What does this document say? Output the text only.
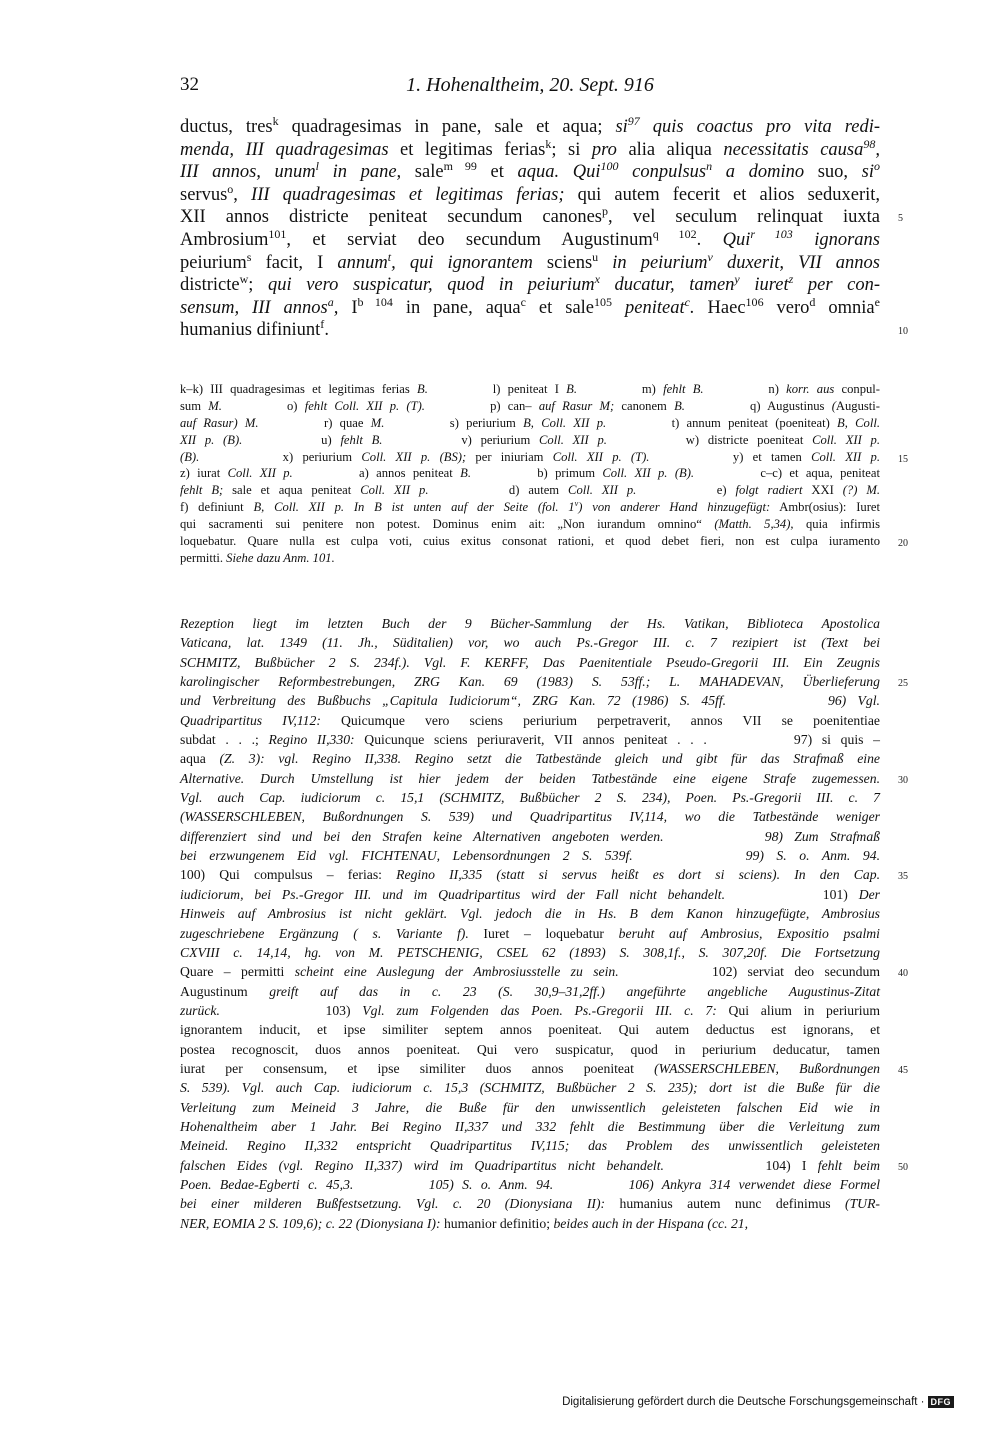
32	1. Hohenaltheim, 20. Sept. 916
ductus, tres$^k$ quadragesimas in pane, sale et aqua; $si^{97}$ quis coactus pro vita redi-
menda, III quadragesimas et legitimas ferias$^k$; si pro alia aliqua necessitatis causa$^{98}$,
III annos, unum$^l$ in pane, sale$^{m 99}$ et aqua. Qui$^{100}$ conpulsus$^n$ a domino suo, $si^o$
servus$^o$, III quadragesimas et legitimas ferias; qui autem fecerit et alios seduxerit,
XII annos districte peniteat secundum canones$^p$, vel seculum relinquat iuxta
Ambrosium$^{101}$, et serviat deo secundum Augustinum$^{q 102}$. Qui$^{r 103}$ ignorans
peiurium$^s$ facit, I annum$^t$, qui ignorantem sciens$^u$ in peiurium$^v$ duxerit, VII annos
districte$^w$; qui vero suspicatur, quod in peiurium$^x$ ducatur, tamen$^y$ iuret$^z$ per con-
sensum, III annos$^a$, $I^{b 104}$ in pane, aqua$^c$ et sale$^{105}$ peniteat$^c$. Haec$^{106}$ vero$^d$ omnia$^e$
humanius difiniunt$^f$.
k–k) III quadragesimas et legitimas ferias B.         l) peniteat I B.         m) fehlt B.         n) korr. aus conpul-
sum M.         o) fehlt Coll. XII p. (T).         p) can– auf Rasur M; canonem B.         q) Augustinus (Augusti-
auf Rasur) M.         r) quae M.         s) periurium B, Coll. XII p.         t) annum peniteat (poeniteat) B, Coll.
XII p. (B).         u) fehlt B.         v) periurium Coll. XII p.         w) districte poeniteat Coll. XII p.
(B).         x) periurium Coll. XII p. (BS); per iniuriam Coll. XII p. (T).         y) et tamen Coll. XII p.
z) iurat Coll. XII p.         a) annos peniteat B.         b) primum Coll. XII p. (B).         c–c) et aqua, peniteat
fehlt B; sale et aqua peniteat Coll. XII p.         d) autem Coll. XII p.         e) folgt radiert XXI (?) M.
f) definiunt B, Coll. XII p. In B ist unten auf der Seite (fol. 1$^v$) von anderer Hand hinzugefügt: Ambr(osius): Iuret
qui sacramenti sui penitere non potest. Dominus enim ait: „Non iurandum omnino“ (Matth. 5,34), quia infirmis
loquebatur. Quare nulla est culpa voti, cuius exitus consonat rationi, et quod debet fieri, non est culpa iuramento
permitti. Siehe dazu Anm. 101.
Rezeption liegt im letzten Buch der 9 Bücher-Sammlung der Hs. Vatikan, Biblioteca Apostolica
Vaticana, lat. 1349 (11. Jh., Süditalien) vor, wo auch Ps.-Gregor III. c. 7 rezipiert ist (Text bei
SCHMITZ, Bußbücher 2 S. 234f.). Vgl. F. KERFF, Das Paenitentiale Pseudo-Gregorii III. Ein Zeugnis
karolingischer Reformbestrebungen, ZRG Kan. 69 (1983) S. 53ff.; L. MAHADEVAN, Überlieferung
und Verbreitung des Bußbuchs „Capitula Iudiciorum“, ZRG Kan. 72 (1986) S. 45ff.	96) Vgl.
Quadripartitus IV,112: Quicumque vero sciens periurium perpetraverit, annos VII se poenitentiae
subdat . . .; Regino II,330: Quicunque sciens periuraverit, VII annos peniteat . . .         97) si quis –
aqua (Z. 3): vgl. Regino II,338. Regino setzt die Tatbestände gleich und gibt für das Strafmaß eine
Alternative. Durch Umstellung ist hier jedem der beiden Tatbestände eine eigene Strafe zugemessen.
Vgl. auch Cap. iudiciorum c. 15,1 (SCHMITZ, Bußbücher 2 S. 234), Poen. Ps.-Gregorii III. c. 7
(WASSERSCHLEBEN, Bußordnungen S. 539) und Quadripartitus IV,114, wo die Tatbestände weniger
differenziert sind und bei den Strafen keine Alternativen angeboten werden.	98) Zum Strafmaß
bei erzwungenem Eid vgl. FICHTENAU, Lebensordnungen 2 S. 539f.	99) S. o. Anm. 94.
100) Qui compulsus – ferias: Regino II,335 (statt si servus heißt es dort si sciens). In den Cap.
iudiciorum, bei Ps.-Gregor III. und im Quadripartitus wird der Fall nicht behandelt.         101) Der
Hinweis auf Ambrosius ist nicht geklärt. Vgl. jedoch die in Hs. B dem Kanon hinzugefügte, Ambrosius
zugeschriebene Ergänzung ( s. Variante f). Iuret – loquebatur beruht auf Ambrosius, Expositio psalmi
CXVIII c. 14,14, hg. von M. PETSCHENIG, CSEL 62 (1893) S. 308,1f., S. 307,20f. Die Fortsetzung
Quare – permitti scheint eine Auslegung der Ambrosiusstelle zu sein.         102) serviat deo secundum
Augustinum greift auf das in c. 23 (S. 30,9–31,2ff.) angeführte angebliche Augustinus-Zitat
zurück.         103) Vgl. zum Folgenden das Poen. Ps.-Gregorii III. c. 7: Qui alium in periurium
ignorantem inducit, et ipse similiter septem annos poeniteat. Qui autem deductus est ignorans, et
postea recognoscit, duos annos poeniteat. Qui vero suspicatur, quod in periurium deducatur, tamen
iurat per consensum, et ipse similiter duos annos poeniteat (WASSERSCHLEBEN, Bußordnungen
S. 539). Vgl. auch Cap. iudiciorum c. 15,3 (SCHMITZ, Bußbücher 2 S. 235); dort ist die Buße für die
Verleitung zum Meineid 3 Jahre, die Buße für den unwissentlich geleisteten falschen Eid wie in
Hohenaltheim aber 1 Jahr. Bei Regino II,337 und 332 fehlt die Bestimmung über die Verleitung zum
Meineid. Regino II,332 entspricht Quadripartitus IV,115; das Problem des unwissentlich geleisteten
falschen Eides (vgl. Regino II,337) wird im Quadripartitus nicht behandelt.         104) I fehlt beim
Poen. Bedae-Egberti c. 45,3.	105) S. o. Anm. 94.	106) Ankyra 314 verwendet diese Formel
bei einer milderen Bußfestsetzung. Vgl. c. 20 (Dionysiana II): humanius autem nunc definimus (TUR-
NER, EOMIA 2 S. 109,6); c. 22 (Dionysiana I): humanior definitio; beides auch in der Hispana (cc. 21,
5
10
15
20
25
30
35
40
45
50
Digitalisierung gefördert durch die Deutsche Forschungsgemeinschaft · DFG
